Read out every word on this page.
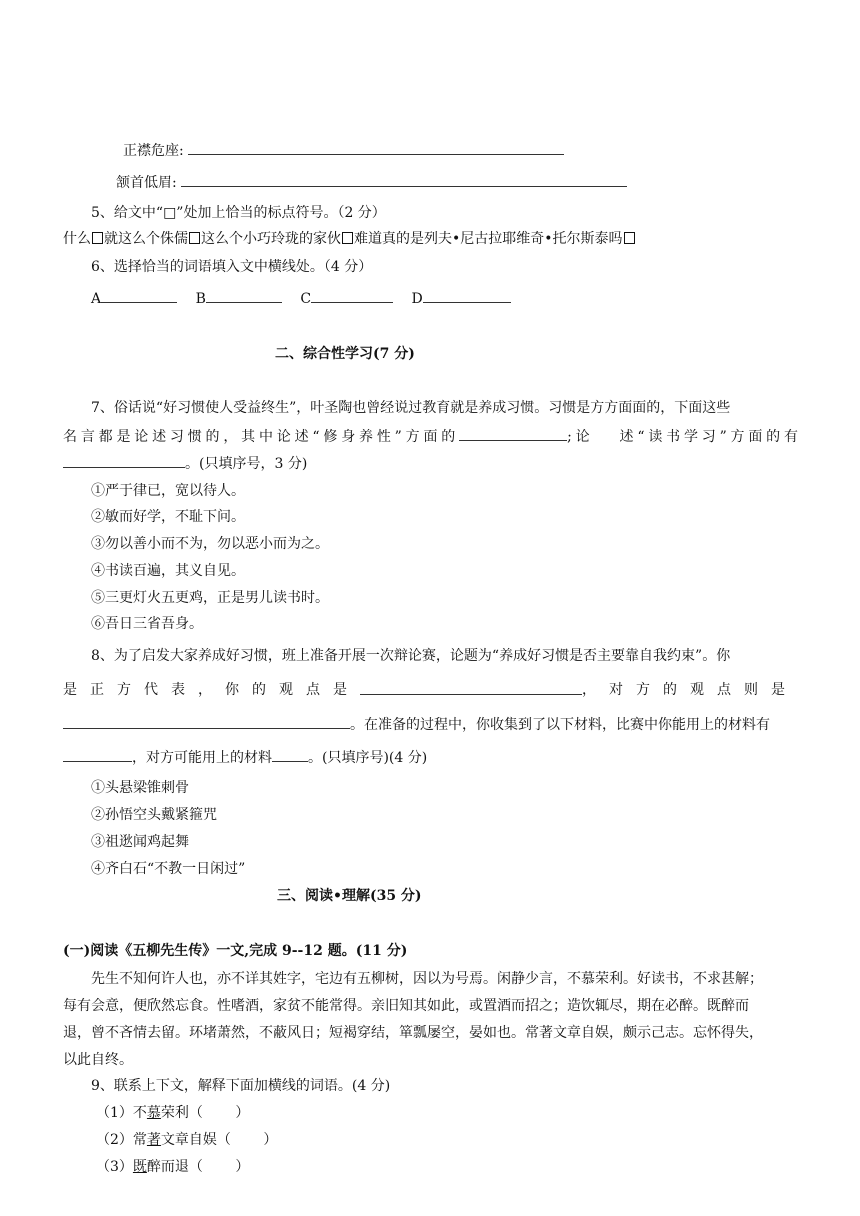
正襟危座:
颔首低眉:
5、给文中“□”处加上恰当的标点符号。（2 分）
什么 就这么个侏儒 这么个小巧玲珑的家伙 难道真的是列夫•尼古拉耶维奇•托尔斯泰吗
6、选择恰当的词语填入文中横线处。（4 分）
A	B	C	D
二、综合性学习(7 分)
7、俗话说“好习惯使人受益终生”，叶圣陶也曾经说过教育就是养成习惯。习惯是方方面面的，下面这些
名言都是论述习惯的，其中论述“修身养性”方面的	;论　 述“读书学习”方面的有
。(只填序号，3 分)
①严于律已，宽以待人。
②敏而好学，不耻下问。
③勿以善小而不为，勿以恶小而为之。
④书读百遍，其义自见。
⑤三更灯火五更鸡，正是男儿读书时。
⑥吾日三省吾身。
8、为了启发大家养成好习惯，班上准备开展一次辩论赛，论题为“养成好习惯是否主要靠自我约束”。你
是正方代表，你的观点是	，对方的观点则是
。在准备的过程中，你收集到了以下材料，比赛中你能用上的材料有
，对方可能用上的材料	。(只填序号)(4 分)
①头悬梁锥刺骨
②孙悟空头戴紧箍咒
③祖逖闻鸡起舞
④齐白石“不教一日闲过”
三、阅读•理解(35 分)
(一)阅读《五柳先生传》一文,完成 9--12 题。(11 分)
先生不知何许人也，亦不详其姓字，宅边有五柳树，因以为号焉。闲静少言，不慕荣利。好读书，不求甚解；
每有会意，便欣然忘食。性嗜酒，家贫不能常得。亲旧知其如此，或置酒而招之；造饮辄尽，期在必醉。既醉而
退，曾不吝情去留。环堵萧然，不蔽风日；短褐穿结，箪瓢屡空，晏如也。常著文章自娱，颇示己志。忘怀得失，
以此自终。
9、联系上下文，解释下面加横线的词语。(4 分)
（1）不慕荣利（　　 ）
（2）常著文章自娱（　　 ）
（3）既醉而退（　　 ）
